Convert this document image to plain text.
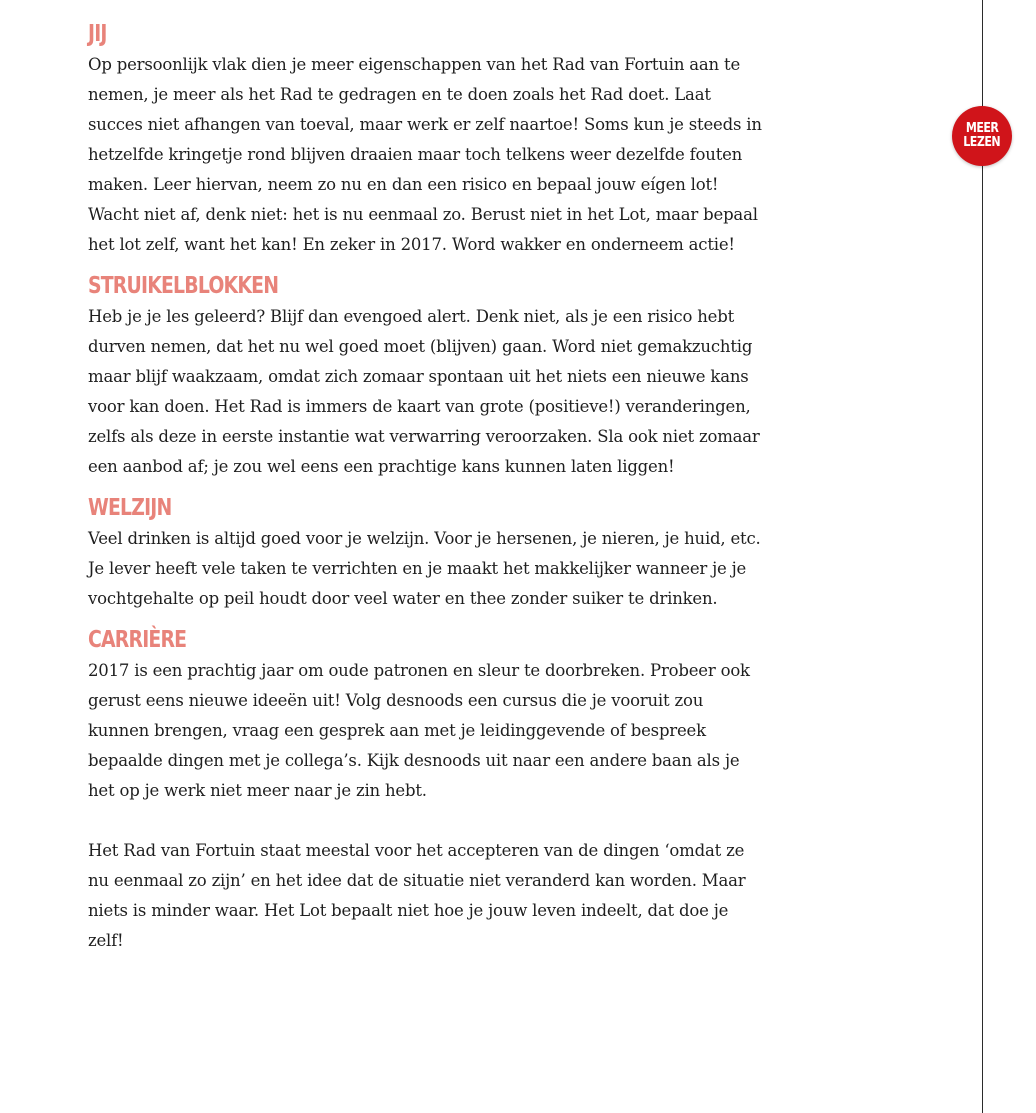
JIJ

Op persoonlijk vlak dien je meer eigenschappen van het Rad van Fortuin aan te nemen, je meer als het Rad te gedragen en te doen zoals het Rad doet. Laat succes niet afhangen van toeval, maar werk er zelf naartoe! Soms kun je steeds in hetzelfde kringetje rond blijven draaien maar toch telkens weer dezelfde fouten maken. Leer hiervan, neem zo nu en dan een risico en bepaal jouw eígen lot! Wacht niet af, denk niet: het is nu eenmaal zo. Berust niet in het Lot, maar bepaal het lot zelf, want het kan! En zeker in 2017. Word wakker en onderneem actie!

STRUIKELBLOKKEN

Heb je je les geleerd? Blijf dan evengoed alert. Denk niet, als je een risico hebt durven nemen, dat het nu wel goed moet (blijven) gaan. Word niet gemakzuchtig maar blijf waakzaam, omdat zich zomaar spontaan uit het niets een nieuwe kans voor kan doen. Het Rad is immers de kaart van grote (positieve!) veranderingen, zelfs als deze in eerste instantie wat verwarring veroorzaken. Sla ook niet zomaar een aanbod af; je zou wel eens een prachtige kans kunnen laten liggen!

WELZIJN

Veel drinken is altijd goed voor je welzijn. Voor je hersenen, je nieren, je huid, etc. Je lever heeft vele taken te verrichten en je maakt het makkelijker wanneer je je vochtgehalte op peil houdt door veel water en thee zonder suiker te drinken.

CARRIÈRE

2017 is een prachtig jaar om oude patronen en sleur te doorbreken. Probeer ook gerust eens nieuwe ideeën uit! Volg desnoods een cursus die je vooruit zou kunnen brengen, vraag een gesprek aan met je leidinggevende of bespreek bepaalde dingen met je collega’s. Kijk desnoods uit naar een andere baan als je het op je werk niet meer naar je zin hebt.

Het Rad van Fortuin staat meestal voor het accepteren van de dingen ‘omdat ze nu eenmaal zo zijn’ en het idee dat de situatie niet veranderd kan worden. Maar niets is minder waar. Het Lot bepaalt niet hoe je jouw leven indeelt, dat doe je zelf!

MEER
LEZEN
